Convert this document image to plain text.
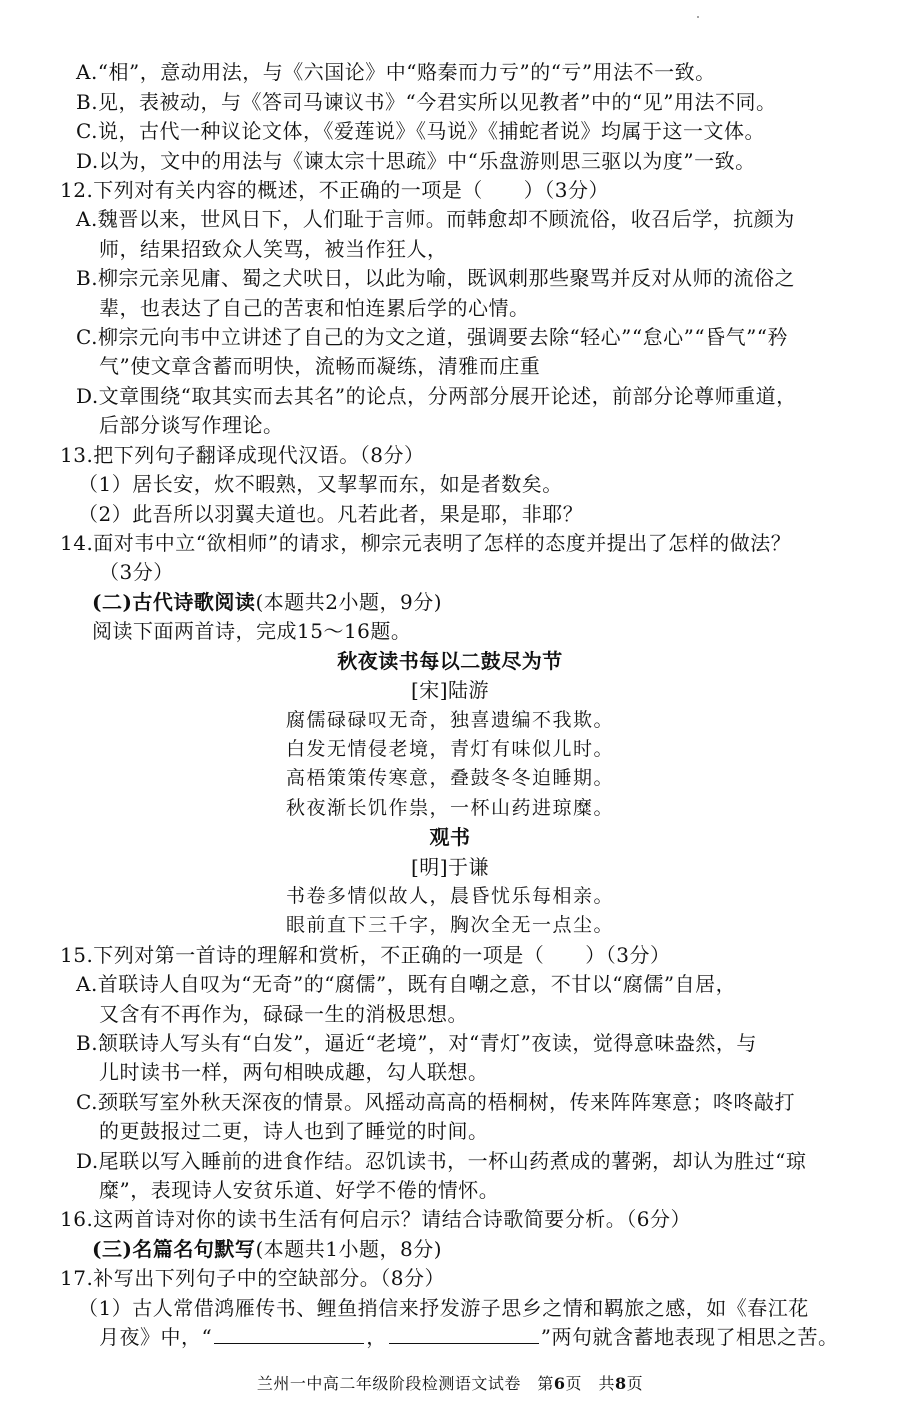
A.“相”，意动用法，与《六国论》中“赂秦而力亏”的“亏”用法不一致。
B.见，表被动，与《答司马谏议书》“今君实所以见教者”中的“见”用法不同。
C.说，古代一种议论文体，《爱莲说》《马说》《捕蛇者说》均属于这一文体。
D.以为，文中的用法与《谏太宗十思疏》中“乐盘游则思三驱以为度”一致。
12.下列对有关内容的概述，不正确的一项是（　　）（3分）
A.魏晋以来，世风日下，人们耻于言师。而韩愈却不顾流俗，收召后学，抗颜为
师，结果招致众人笑骂，被当作狂人，
B.柳宗元亲见庸、蜀之犬吠日，以此为喻，既讽刺那些聚骂并反对从师的流俗之
辈，也表达了自己的苦衷和怕连累后学的心情。
C.柳宗元向韦中立讲述了自己的为文之道，强调要去除“轻心”“怠心”“昏气”“矜
气”使文章含蓄而明快，流畅而凝练，清雅而庄重
D.文章围绕“取其实而去其名”的论点，分两部分展开论述，前部分论尊师重道，
后部分谈写作理论。
13.把下列句子翻译成现代汉语。（8分）
（1）居长安，炊不暇熟，又挈挈而东，如是者数矣。
（2）此吾所以羽翼夫道也。凡若此者，果是耶，非耶？
14.面对韦中立“欲相师”的请求，柳宗元表明了怎样的态度并提出了怎样的做法？
（3分）
(二)古代诗歌阅读(本题共2小题，9分)
阅读下面两首诗，完成15～16题。
秋夜读书每以二鼓尽为节
[宋]陆游
腐儒碌碌叹无奇，独喜遗编不我欺。
白发无情侵老境，青灯有味似儿时。
高梧策策传寒意，叠鼓冬冬迫睡期。
秋夜渐长饥作祟，一杯山药进琼糜。
观书
[明]于谦
书卷多情似故人，晨昏忧乐每相亲。
眼前直下三千字，胸次全无一点尘。
15.下列对第一首诗的理解和赏析，不正确的一项是（　　）（3分）
A.首联诗人自叹为“无奇”的“腐儒”，既有自嘲之意，不甘以“腐儒”自居，
又含有不再作为，碌碌一生的消极思想。
B.颔联诗人写头有“白发”，逼近“老境”，对“青灯”夜读，觉得意味盎然，与
儿时读书一样，两句相映成趣，勾人联想。
C.颈联写室外秋天深夜的情景。风摇动高高的梧桐树，传来阵阵寒意；咚咚敲打
的更鼓报过二更，诗人也到了睡觉的时间。
D.尾联以写入睡前的进食作结。忍饥读书，一杯山药煮成的薯粥，却认为胜过“琼
糜”，表现诗人安贫乐道、好学不倦的情怀。
16.这两首诗对你的读书生活有何启示？请结合诗歌简要分析。（6分）
(三)名篇名句默写(本题共1小题，8分)
17.补写出下列句子中的空缺部分。（8分）
（1）古人常借鸿雁传书、鲤鱼捎信来抒发游子思乡之情和羁旅之感，如《春江花
月夜》中，“	，	”两句就含蓄地表现了相思之苦。
兰州一中高二年级阶段检测语文试卷　第6页　共8页
